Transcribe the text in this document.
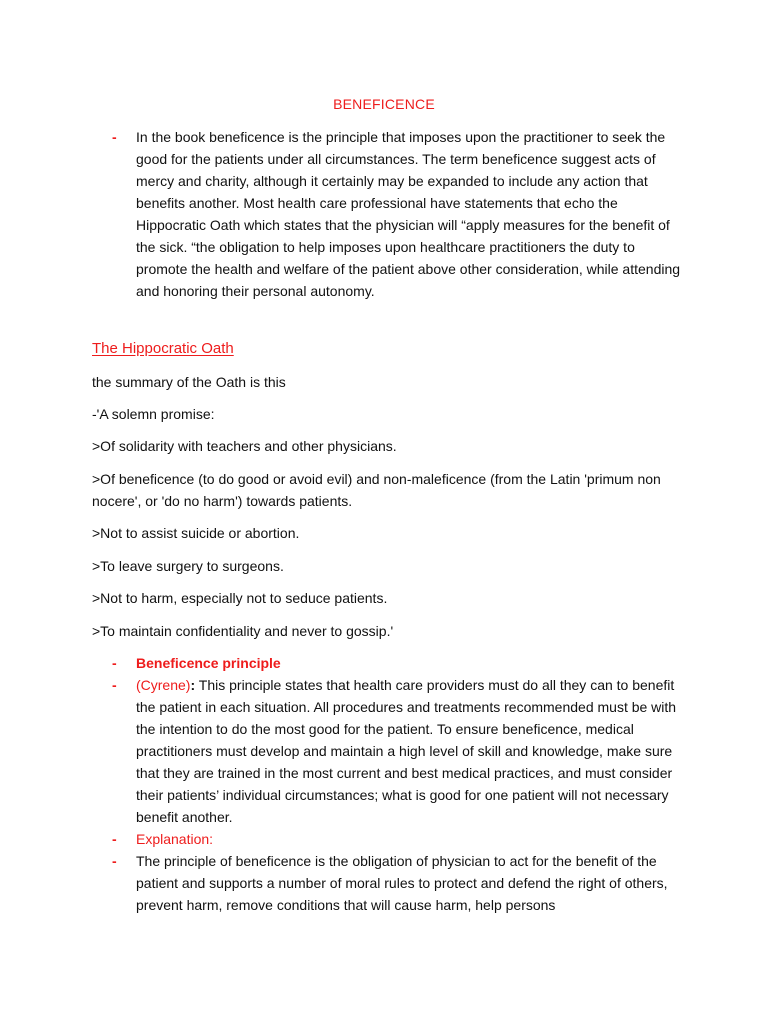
BENEFICENCE
- In the book beneficence is the principle that imposes upon the practitioner to seek the good for the patients under all circumstances. The term beneficence suggest acts of mercy and charity, although it certainly may be expanded to include any action that benefits another. Most health care professional have statements that echo the Hippocratic Oath which states that the physician will “apply measures for the benefit of the sick. “the obligation to help imposes upon healthcare practitioners the duty to promote the health and welfare of the patient above other consideration, while attending and honoring their personal autonomy.
The Hippocratic Oath
the summary of the Oath is this
-'A solemn promise:
>Of solidarity with teachers and other physicians.
>Of beneficence (to do good or avoid evil) and non-maleficence (from the Latin 'primum non nocere', or 'do no harm') towards patients.
>Not to assist suicide or abortion.
>To leave surgery to surgeons.
>Not to harm, especially not to seduce patients.
>To maintain confidentiality and never to gossip.'
- Beneficence principle
- (Cyrene): This principle states that health care providers must do all they can to benefit the patient in each situation. All procedures and treatments recommended must be with the intention to do the most good for the patient. To ensure beneficence, medical practitioners must develop and maintain a high level of skill and knowledge, make sure that they are trained in the most current and best medical practices, and must consider their patients’ individual circumstances; what is good for one patient will not necessary benefit another.
- Explanation:
- The principle of beneficence is the obligation of physician to act for the benefit of the patient and supports a number of moral rules to protect and defend the right of others, prevent harm, remove conditions that will cause harm, help persons
